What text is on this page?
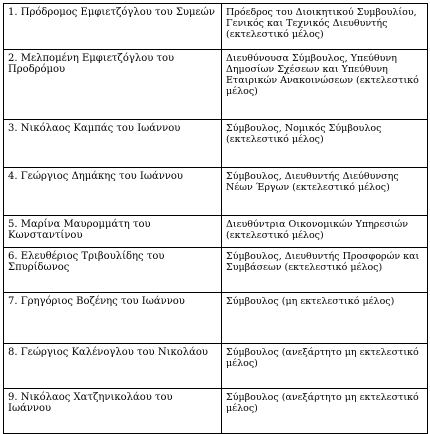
1. Πρόδρομος Εμφιετζόγλου του Συμεών	Πρόεδρος του Διοικητικού Συμβουλίου, Γενικός και Τεχνικός Διευθυντής (εκτελεστικό μέλος)
2. Μελπομένη Εμφιετζόγλου του Προδρόμου	Διευθύνουσα Σύμβουλος, Υπεύθυνη Δημοσίων Σχέσεων και Υπεύθυνη Εταιρικών Ανακοινώσεων (εκτελεστικό μέλος)
3. Νικόλαος Καμπάς του Ιωάννου	Σύμβουλος, Νομικός Σύμβουλος (εκτελεστικό μέλος)
4. Γεώργιος Δημάκης του Ιωάννου	Σύμβουλος, Διευθυντής Διεύθυνσης Νέων Έργων (εκτελεστικό μέλος)
5. Μαρίνα Μαυρομμάτη του Κωνσταντίνου	Διευθύντρια Οικονομικών Υπηρεσιών (εκτελεστικό μέλος)
6. Ελευθέριος Τριβουλίδης του Σπυρίδωνος	Σύμβουλος, Διευθυντής Προσφορών και Συμβάσεων (εκτελεστικό μέλος)
7. Γρηγόριος Βοζένης του Ιωάννου	Σύμβουλος (μη εκτελεστικό μέλος)
8. Γεώργιος Καλένογλου του Νικολάου	Σύμβουλος (ανεξάρτητο μη εκτελεστικό μέλος)
9. Νικόλαος Χατζηνικολάου του Ιωάννου	Σύμβουλος (ανεξάρτητο μη εκτελεστικό μέλος)
